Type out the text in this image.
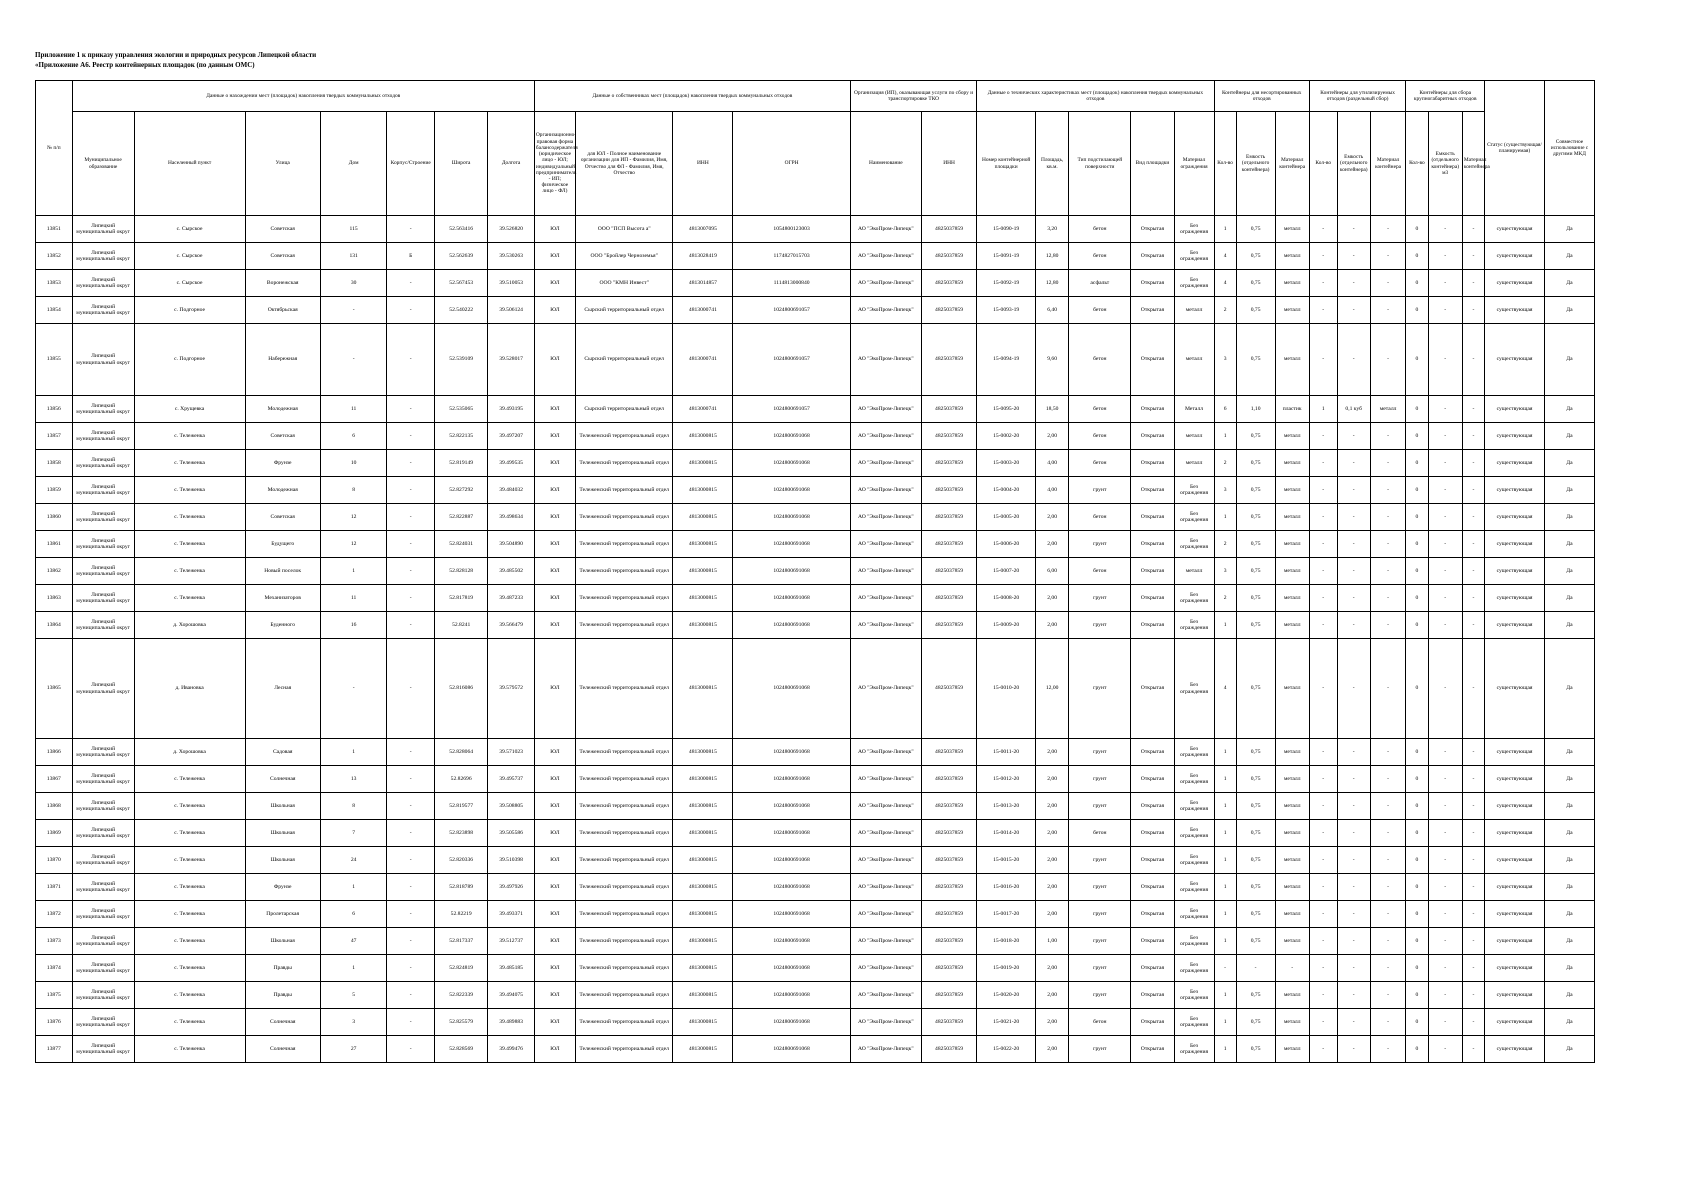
Приложение 1 к приказу управления экологии и природных ресурсов Липецкой области
«Приложение А6. Реестр контейнерных площадок (по данным ОМС)
№ п/п	Данные о нахождении мест (площадок) накопления твердых коммунальных отходов							Данные о собственниках мест (площадок) накопления твердых коммунальных отходов				Организация (ИП), оказывающая услуги по сбору и транспортировке ТКО		Данные о технических характеристиках мест (площадок) накопления твердых коммунальных отходов					Контейнеры для несортированных отходов			Контейнеры для утилизируемых отходов (раздельный сбор)			Контейнеры для сбора крупногабаритных отходов			Статус (существующая/ планируемая)	Совместное использование с другими МКД
	Муниципальное образование	Населенный пункт	Улица	Дом	Корпус/Строение	Широта	Долгота	Организационно-правовая форма балансодержателя (юридическое лицо - ЮЛ; индивидуальный предприниматель - ИП; физическое лицо - ФЛ)	для ЮЛ - Полное наименование организации для ИП - Фамилия, Имя, Отчество для ФЛ - Фамилия, Имя, Отчество	ИНН	ОГРН	Наименование	ИНН	Номер контейнерной площадки	Площадь, кв.м.	Тип подстилающей поверхности	Вид площадки	Материал ограждения	Кол-во	Емкость (отдельного контейнера)	Материал контейнера	Кол-во	Емкость (отдельного контейнера)	Материал контейнера	Кол-во	Емкость (отдельного контейнера) м3	Материал контейнера		
13851	Липецкий муниципальный округ	с. Сырское	Советская	115	-	52.563416	39.526820	ЮЛ	ООО "ПСП Высота а"	4813007095	1054800123003	АО "ЭкоПром-Липецк"	4825037859	15-0090-19	3,20	бетон	Открытая	Без ограждения	1	0,75	металл	-	-	-	0	-	-	существующая	Да
13852	Липецкий муниципальный округ	с. Сырское	Советская	131	Б	52.562639	39.530263	ЮЛ	ООО "Бройлер Черноземья"	4813028419	1174827015703	АО "ЭкоПром-Липецк"	4825037859	15-0091-19	12,80	бетон	Открытая	Без ограждения	4	0,75	металл	-	-	-	0	-	-	существующая	Да
13853	Липецкий муниципальный округ	с. Сырское	Воронежская	30	-	52.567453	39.510053	ЮЛ	ООО "КМН Инвест"	4813014857	1114813000840	АО "ЭкоПром-Липецк"	4825037859	15-0092-19	12,80	асфальт	Открытая	Без ограждения	4	0,75	металл	-	-	-	0	-	-	существующая	Да
13854	Липецкий муниципальный округ	с. Подгорное	Октябрьская	-	-	52.540222	39.506124	ЮЛ	Сырский территориальный отдел	4813000741	1024800691057	АО "ЭкоПром-Липецк"	4825037859	15-0093-19	6,40	бетон	Открытая	металл	2	0,75	металл	-	-	-	0	-	-	существующая	Да
13855	Липецкий муниципальный округ	с. Подгорное	Набережная	-	-	52.539109	39.528017	ЮЛ	Сырский территориальный отдел	4813000741	1024800691057	АО "ЭкоПром-Липецк"	4825037859	15-0094-19	9,60	бетон	Открытая	металл	3	0,75	металл	-	-	-	0	-	-	существующая	Да
13856	Липецкий муниципальный округ	с. Хрущевка	Молодежная	11	-	52.535065	39.493195	ЮЛ	Сырский территориальный отдел	4813000741	1024800691057	АО "ЭкоПром-Липецк"	4825037859	15-0095-20	18,50	бетон	Открытая	Металл	6	1,10	пластик	1	0,1 куб	металл	0	-	-	существующая	Да
13857	Липецкий муниципальный округ	с. Тележенка	Советская	6	-	52.822135	39.497207	ЮЛ	Тележенский территориальный отдел	4813000815	1024800691068	АО "ЭкоПром-Липецк"	4825037859	15-0002-20	2,00	бетон	Открытая	металл	1	0,75	металл	-	-	-	0	-	-	существующая	Да
13858	Липецкий муниципальный округ	с. Тележенка	Фрунзе	10	-	52.819149	39.499535	ЮЛ	Тележенский территориальный отдел	4813000815	1024800691068	АО "ЭкоПром-Липецк"	4825037859	15-0003-20	4,00	бетон	Открытая	металл	2	0,75	металл	-	-	-	0	-	-	существующая	Да
13859	Липецкий муниципальный округ	с. Тележенка	Молодежная	8	-	52.827292	39.484032	ЮЛ	Тележенский территориальный отдел	4813000815	1024800691068	АО "ЭкоПром-Липецк"	4825037859	15-0004-20	4,00	грунт	Открытая	Без ограждения	3	0,75	металл	-	-	-	0	-	-	существующая	Да
13860	Липецкий муниципальный округ	с. Тележенка	Советская	12	-	52.822887	39.498634	ЮЛ	Тележенский территориальный отдел	4813000815	1024800691068	АО "ЭкоПром-Липецк"	4825037859	15-0005-20	2,00	бетон	Открытая	Без ограждения	1	0,75	металл	-	-	-	0	-	-	существующая	Да
13861	Липецкий муниципальный округ	с. Тележенка	Будущего	12	-	52.824031	39.504890	ЮЛ	Тележенский территориальный отдел	4813000815	1024800691068	АО "ЭкоПром-Липецк"	4825037859	15-0006-20	2,00	грунт	Открытая	Без ограждения	2	0,75	металл	-	-	-	0	-	-	существующая	Да
13862	Липецкий муниципальный округ	с. Тележенка	Новый поселок	1	-	52.828128	39.485502	ЮЛ	Тележенский территориальный отдел	4813000815	1024800691068	АО "ЭкоПром-Липецк"	4825037859	15-0007-20	6,00	бетон	Открытая	металл	3	0,75	металл	-	-	-	0	-	-	существующая	Да
13863	Липецкий муниципальный округ	с. Тележенка	Механизаторов	11	-	52.817819	39.487233	ЮЛ	Тележенский территориальный отдел	4813000815	1024800691068	АО "ЭкоПром-Липецк"	4825037859	15-0008-20	2,00	грунт	Открытая	Без ограждения	2	0,75	металл	-	-	-	0	-	-	существующая	Да
13864	Липецкий муниципальный округ	д. Хорошовка	Буденного	16	-	52.8241	39.566479	ЮЛ	Тележенский территориальный отдел	4813000815	1024800691068	АО "ЭкоПром-Липецк"	4825037859	15-0009-20	2,00	грунт	Открытая	Без ограждения	1	0,75	металл	-	-	-	0	-	-	существующая	Да
13865	Липецкий муниципальный округ	д. Ивановка	Лесная	-	-	52.816086	39.579572	ЮЛ	Тележенский территориальный отдел	4813000815	1024800691068	АО "ЭкоПром-Липецк"	4825037859	15-0010-20	12,00	грунт	Открытая	Без ограждения	4	0,75	металл	-	-	-	0	-	-	существующая	Да
13866	Липецкий муниципальный округ	д. Хорошовка	Садовая	1	-	52.828064	39.571023	ЮЛ	Тележенский территориальный отдел	4813000815	1024800691068	АО "ЭкоПром-Липецк"	4825037859	15-0011-20	2,00	грунт	Открытая	Без ограждения	1	0,75	металл	-	-	-	0	-	-	существующая	Да
13867	Липецкий муниципальный округ	с. Тележенка	Солнечная	13	-	52.82696	39.495737	ЮЛ	Тележенский территориальный отдел	4813000815	1024800691068	АО "ЭкоПром-Липецк"	4825037859	15-0012-20	2,00	грунт	Открытая	Без ограждения	1	0,75	металл	-	-	-	0	-	-	существующая	Да
13868	Липецкий муниципальный округ	с. Тележенка	Школьная	8	-	52.819577	39.508805	ЮЛ	Тележенский территориальный отдел	4813000815	1024800691068	АО "ЭкоПром-Липецк"	4825037859	15-0013-20	2,00	грунт	Открытая	Без ограждения	1	0,75	металл	-	-	-	0	-	-	существующая	Да
13869	Липецкий муниципальный округ	с. Тележенка	Школьная	7	-	52.823898	39.505586	ЮЛ	Тележенский территориальный отдел	4813000815	1024800691068	АО "ЭкоПром-Липецк"	4825037859	15-0014-20	2,00	бетон	Открытая	Без ограждения	1	0,75	металл	-	-	-	0	-	-	существующая	Да
13870	Липецкий муниципальный округ	с. Тележенка	Школьная	24	-	52.820336	39.510398	ЮЛ	Тележенский территориальный отдел	4813000815	1024800691068	АО "ЭкоПром-Липецк"	4825037859	15-0015-20	2,00	грунт	Открытая	Без ограждения	1	0,75	металл	-	-	-	0	-	-	существующая	Да
13871	Липецкий муниципальный округ	с. Тележенка	Фрунзе	1	-	52.818789	39.497926	ЮЛ	Тележенский территориальный отдел	4813000815	1024800691068	АО "ЭкоПром-Липецк"	4825037859	15-0016-20	2,00	грунт	Открытая	Без ограждения	1	0,75	металл	-	-	-	0	-	-	существующая	Да
13872	Липецкий муниципальный округ	с. Тележенка	Пролетарская	6	-	52.82219	39.493371	ЮЛ	Тележенский территориальный отдел	4813000815	1024800691068	АО "ЭкоПром-Липецк"	4825037859	15-0017-20	2,00	грунт	Открытая	Без ограждения	1	0,75	металл	-	-	-	0	-	-	существующая	Да
13873	Липецкий муниципальный округ	с. Тележенка	Школьная	47	-	52.817337	39.512737	ЮЛ	Тележенский территориальный отдел	4813000815	1024800691068	АО "ЭкоПром-Липецк"	4825037859	15-0018-20	1,00	грунт	Открытая	Без ограждения	1	0,75	металл	-	-	-	0	-	-	существующая	Да
13874	Липецкий муниципальный округ	с. Тележенка	Правды	1	-	52.824819	39.485185	ЮЛ	Тележенский территориальный отдел	4813000815	1024800691068	АО "ЭкоПром-Липецк"	4825037859	15-0019-20	2,00	грунт	Открытая	Без ограждения	-	-	-	-	-	-	0	-	-	существующая	Да
13875	Липецкий муниципальный округ	с. Тележенка	Правды	5	-	52.822339	39.494075	ЮЛ	Тележенский территориальный отдел	4813000815	1024800691068	АО "ЭкоПром-Липецк"	4825037859	15-0020-20	2,00	грунт	Открытая	Без ограждения	1	0,75	металл	-	-	-	0	-	-	существующая	Да
13876	Липецкий муниципальный округ	с. Тележенка	Солнечная	3	-	52.825579	39.489883	ЮЛ	Тележенский территориальный отдел	4813000815	1024800691068	АО "ЭкоПром-Липецк"	4825037859	15-0021-20	2,00	бетон	Открытая	Без ограждения	1	0,75	металл	-	-	-	0	-	-	существующая	Да
13877	Липецкий муниципальный округ	с. Тележенка	Солнечная	27	-	52.828569	39.499476	ЮЛ	Тележенский территориальный отдел	4813000815	1024800691068	АО "ЭкоПром-Липецк"	4825037859	15-0022-20	2,00	грунт	Открытая	Без ограждения	1	0,75	металл	-	-	-	0	-	-	существующая	Да
